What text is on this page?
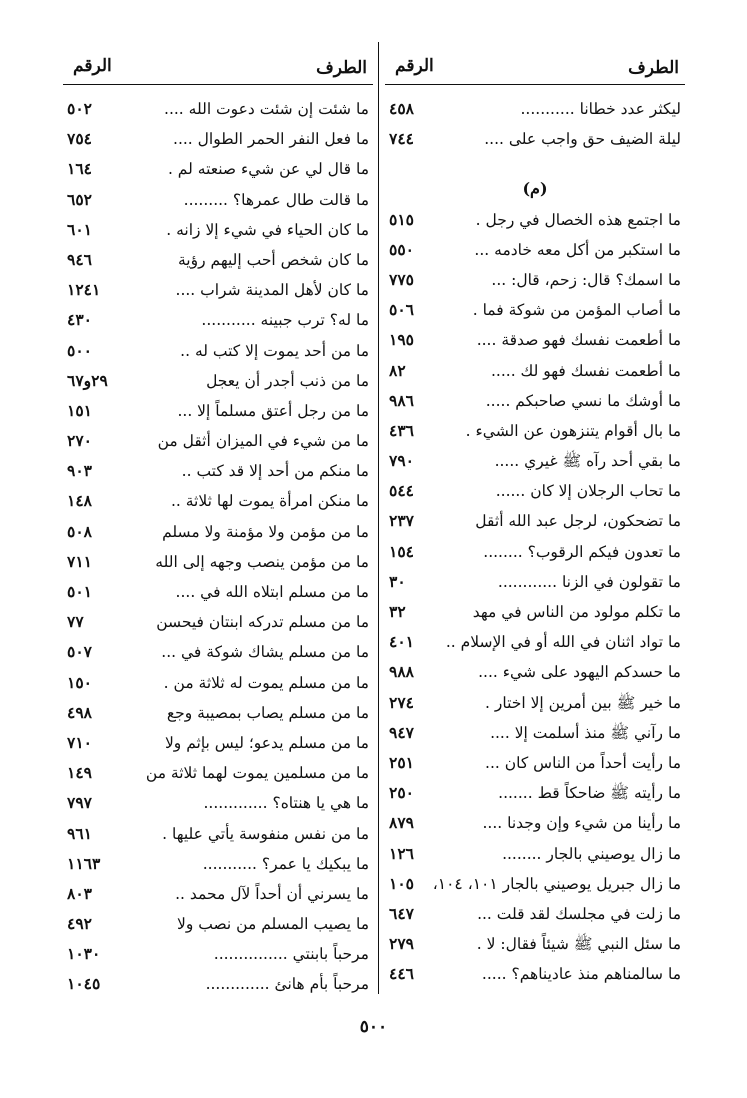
الطرف
الرقم
ليكثر عدد خطانا ...........
٤٥٨
ليلة الضيف حق واجب على ....
٧٤٤
(م)
ما اجتمع هذه الخصال في رجل .
٥١٥
ما استكبر من أكل معه خادمه ...
٥٥٠
ما اسمك؟ قال: زحم، قال: ...
٧٧٥
ما أصاب المؤمن من شوكة فما .
٥٠٦
ما أطعمت نفسك فهو صدقة ....
١٩٥
ما أطعمت نفسك فهو لك .....
٨٢
ما أوشك ما نسي صاحبكم .....
٩٨٦
ما بال أقوام يتنزهون عن الشيء .
٤٣٦
ما بقي أحد رآه ﷺ غيري .....
٧٩٠
ما تحاب الرجلان إلا كان ......
٥٤٤
ما تضحكون، لرجل عبد الله أثقل
٢٣٧
ما تعدون فيكم الرقوب؟ ........
١٥٤
ما تقولون في الزنا ............
٣٠
ما تكلم مولود من الناس في مهد
٣٢
ما تواد اثنان في الله أو في الإسلام ..
٤٠١
ما حسدكم اليهود على شيء ....
٩٨٨
ما خير ﷺ بين أمرين إلا اختار .
٢٧٤
ما رآني ﷺ منذ أسلمت إلا ....
٩٤٧
ما رأيت أحداً من الناس كان ...
٢٥١
ما رأيته ﷺ ضاحكاً قط .......
٢٥٠
ما رأينا من شيء وإن وجدنا ....
٨٧٩
ما زال يوصيني بالجار ........
١٢٦
ما زال جبريل يوصيني بالجار ١٠١، ١٠٤،
١٠٥
ما زلت في مجلسك لقد قلت ...
٦٤٧
ما سئل النبي ﷺ شيئاً فقال: لا .
٢٧٩
ما سالمناهم منذ عاديناهم؟ .....
٤٤٦
الطرف
الرقم
ما شئت إن شئت دعوت الله ....
٥٠٢
ما فعل النفر الحمر الطوال ....
٧٥٤
ما قال لي عن شيء صنعته لم .
١٦٤
ما قالت طال عمرها؟ .........
٦٥٢
ما كان الحياء في شيء إلا زانه .
٦٠١
ما كان شخص أحب إليهم رؤية
٩٤٦
ما كان لأهل المدينة شراب ....
١٢٤١
ما له؟ ترب جبينه ...........
٤٣٠
ما من أحد يموت إلا كتب له ..
٥٠٠
ما من ذنب أجدر أن يعجل
٢٩و٦٧
ما من رجل أعتق مسلماً إلا ...
١٥١
ما من شيء في الميزان أثقل من
٢٧٠
ما منكم من أحد إلا قد كتب ..
٩٠٣
ما منكن امرأة يموت لها ثلاثة ..
١٤٨
ما من مؤمن ولا مؤمنة ولا مسلم
٥٠٨
ما من مؤمن ينصب وجهه إلى الله
٧١١
ما من مسلم ابتلاه الله في ....
٥٠١
ما من مسلم تدركه ابنتان فيحسن
٧٧
ما من مسلم يشاك شوكة في ...
٥٠٧
ما من مسلم يموت له ثلاثة من .
١٥٠
ما من مسلم يصاب بمصيبة وجع
٤٩٨
ما من مسلم يدعو؛ ليس بإثم ولا
٧١٠
ما من مسلمين يموت لهما ثلاثة من
١٤٩
ما هي يا هنتاه؟ .............
٧٩٧
ما من نفس منفوسة يأتي عليها .
٩٦١
ما يبكيك يا عمر؟ ...........
١١٦٣
ما يسرني أن أحداً لآل محمد ..
٨٠٣
ما يصيب المسلم من نصب ولا
٤٩٢
مرحباً بابنتي ...............
١٠٣٠
مرحباً بأم هانئ .............
١٠٤٥
٥٠٠
